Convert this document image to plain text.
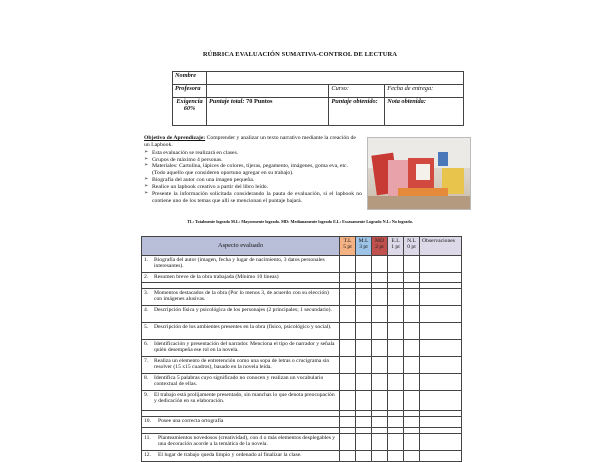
RÚBRICA EVALUACIÓN SUMATIVA-CONTROL DE LECTURA
Nombre			
Profesora		Curso:	Fecha de entrega:
Exigencia 60%	Puntaje total: 70 Puntos	Puntaje obtenido:	Nota obtenida:

Objetivo de Aprendizaje: Comprender y analizar un texto narrativo mediante la creación de un Lapbook.

➢ Esta evaluación se realizará en clases.
➢ Grupos de máximo 4 personas.
➢ Materiales: Cartulina, lápices de colores, tijeras, pegamento, imágenes, goma eva, etc. (Todo aquello que consideren oportuno agregar en su trabajo).
➢ Biografía del autor con una imagen pequeña.
➢ Realice un lapbook creativo a partir del libro leído.
➢ Presente la información solicitada considerando la pauta de evaluación, si el lapbook no contiene uno de los temas que allí se mencionan el puntaje bajará.
TL: Totalmente logrado M.L: Mayormente logrado. MD: Medianamente logrado E.L: Escasamente Logrado N.L: No logrado.
Aspecto evaluado	T.L 5 pt	M.L 3 pt	MD 2 pt	E.L 1 pt	N.L 0 pt	Observaciones

1. Biografía del autor (imagen, fecha y lugar de nacimiento, 3 datos personales interesantes).						

2. Resumen breve de la obra trabajada (Mínimo 10 líneas)						

3. Momentos destacados de la obra (Por lo menos 3, de acuerdo con su elección) con imágenes alusivas.						

4. Descripción física y psicológica de los personajes (2 principales; 1 secundario).						

5. Descripción de los ambientes presentes en la obra (físico, psicológico y social).						

6. Identificación y presentación del narrador. Menciona el tipo de narrador y señala quién desempeña ese rol en la novela.						

7. Realiza un elemento de entretención como una sopa de letras o crucigrama sin resolver (15 x15 cuadros), basado en la novela leída.						

8. Identifica 5 palabras cuyo significado no conocen y realizan un vocabulario contextual de ellas.						

9. El trabajo está prolijamente presentado, sin manchas lo que denota preocupación y dedicación en su elaboración.						

10. Posee una correcta ortografía						

11. Planteamientos novedosos (creatividad), con 4 o más elementos desplegables y una decoración acorde a la temática de la novela.						

12. El lugar de trabajo queda limpio y ordenado al finalizar la clase.						
